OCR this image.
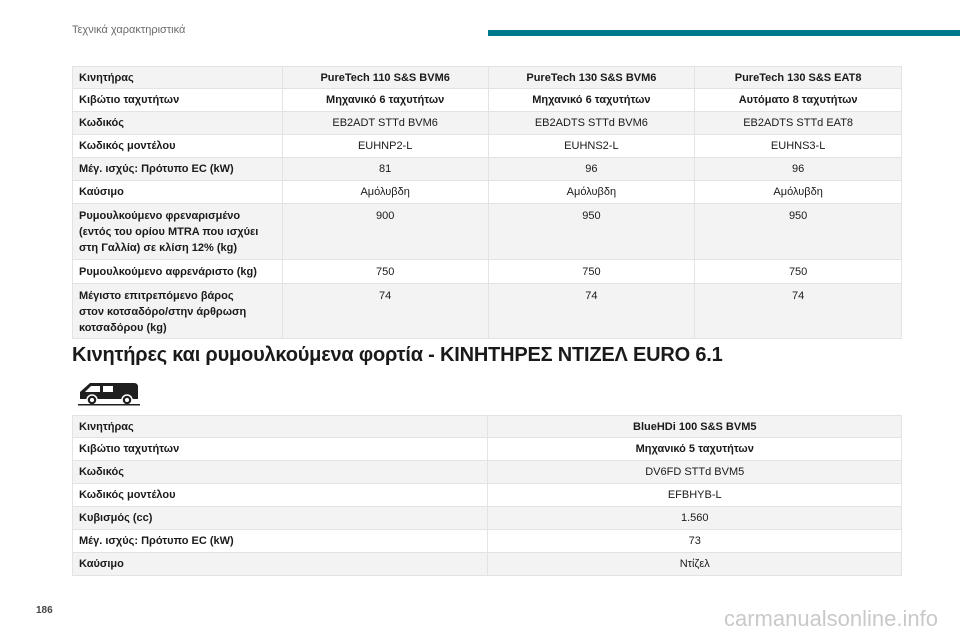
Τεχνικά χαρακτηριστικά
Κινητήρας	PureTech 110 S&S BVM6	PureTech 130 S&S BVM6	PureTech 130 S&S EAT8
Κιβώτιο ταχυτήτων	Μηχανικό 6 ταχυτήτων	Μηχανικό 6 ταχυτήτων	Αυτόματο 8 ταχυτήτων
Κωδικός	EB2ADT STTd BVM6	EB2ADTS STTd BVM6	EB2ADTS STTd EAT8
Κωδικός μοντέλου	EUHNP2-L	EUHNS2-L	EUHNS3-L
Μέγ. ισχύς: Πρότυπο EC (kW)	81	96	96
Καύσιμο	Αμόλυβδη	Αμόλυβδη	Αμόλυβδη
Ρυμουλκούμενο φρεναρισμένο
(εντός του ορίου MTRA που ισχύει
στη Γαλλία) σε κλίση 12% (kg)	900	950	950
Ρυμουλκούμενο αφρενάριστο (kg)	750	750	750
Μέγιστο επιτρεπόμενο βάρος
στον κοτσαδόρο/στην άρθρωση
κοτσαδόρου (kg)	74	74	74
Κινητήρες και ρυμουλκούμενα φορτία - ΚΙΝΗΤΗΡΕΣ ΝΤΙΖΕΛ EURO 6.1
Κινητήρας	BlueHDi 100 S&S BVM5
Κιβώτιο ταχυτήτων	Μηχανικό 5 ταχυτήτων
Κωδικός	DV6FD STTd BVM5
Κωδικός μοντέλου	EFBHYB-L
Κυβισμός (cc)	1.560
Μέγ. ισχύς: Πρότυπο EC (kW)	73
Καύσιμο	Ντίζελ
186	carmanualsonline.info
